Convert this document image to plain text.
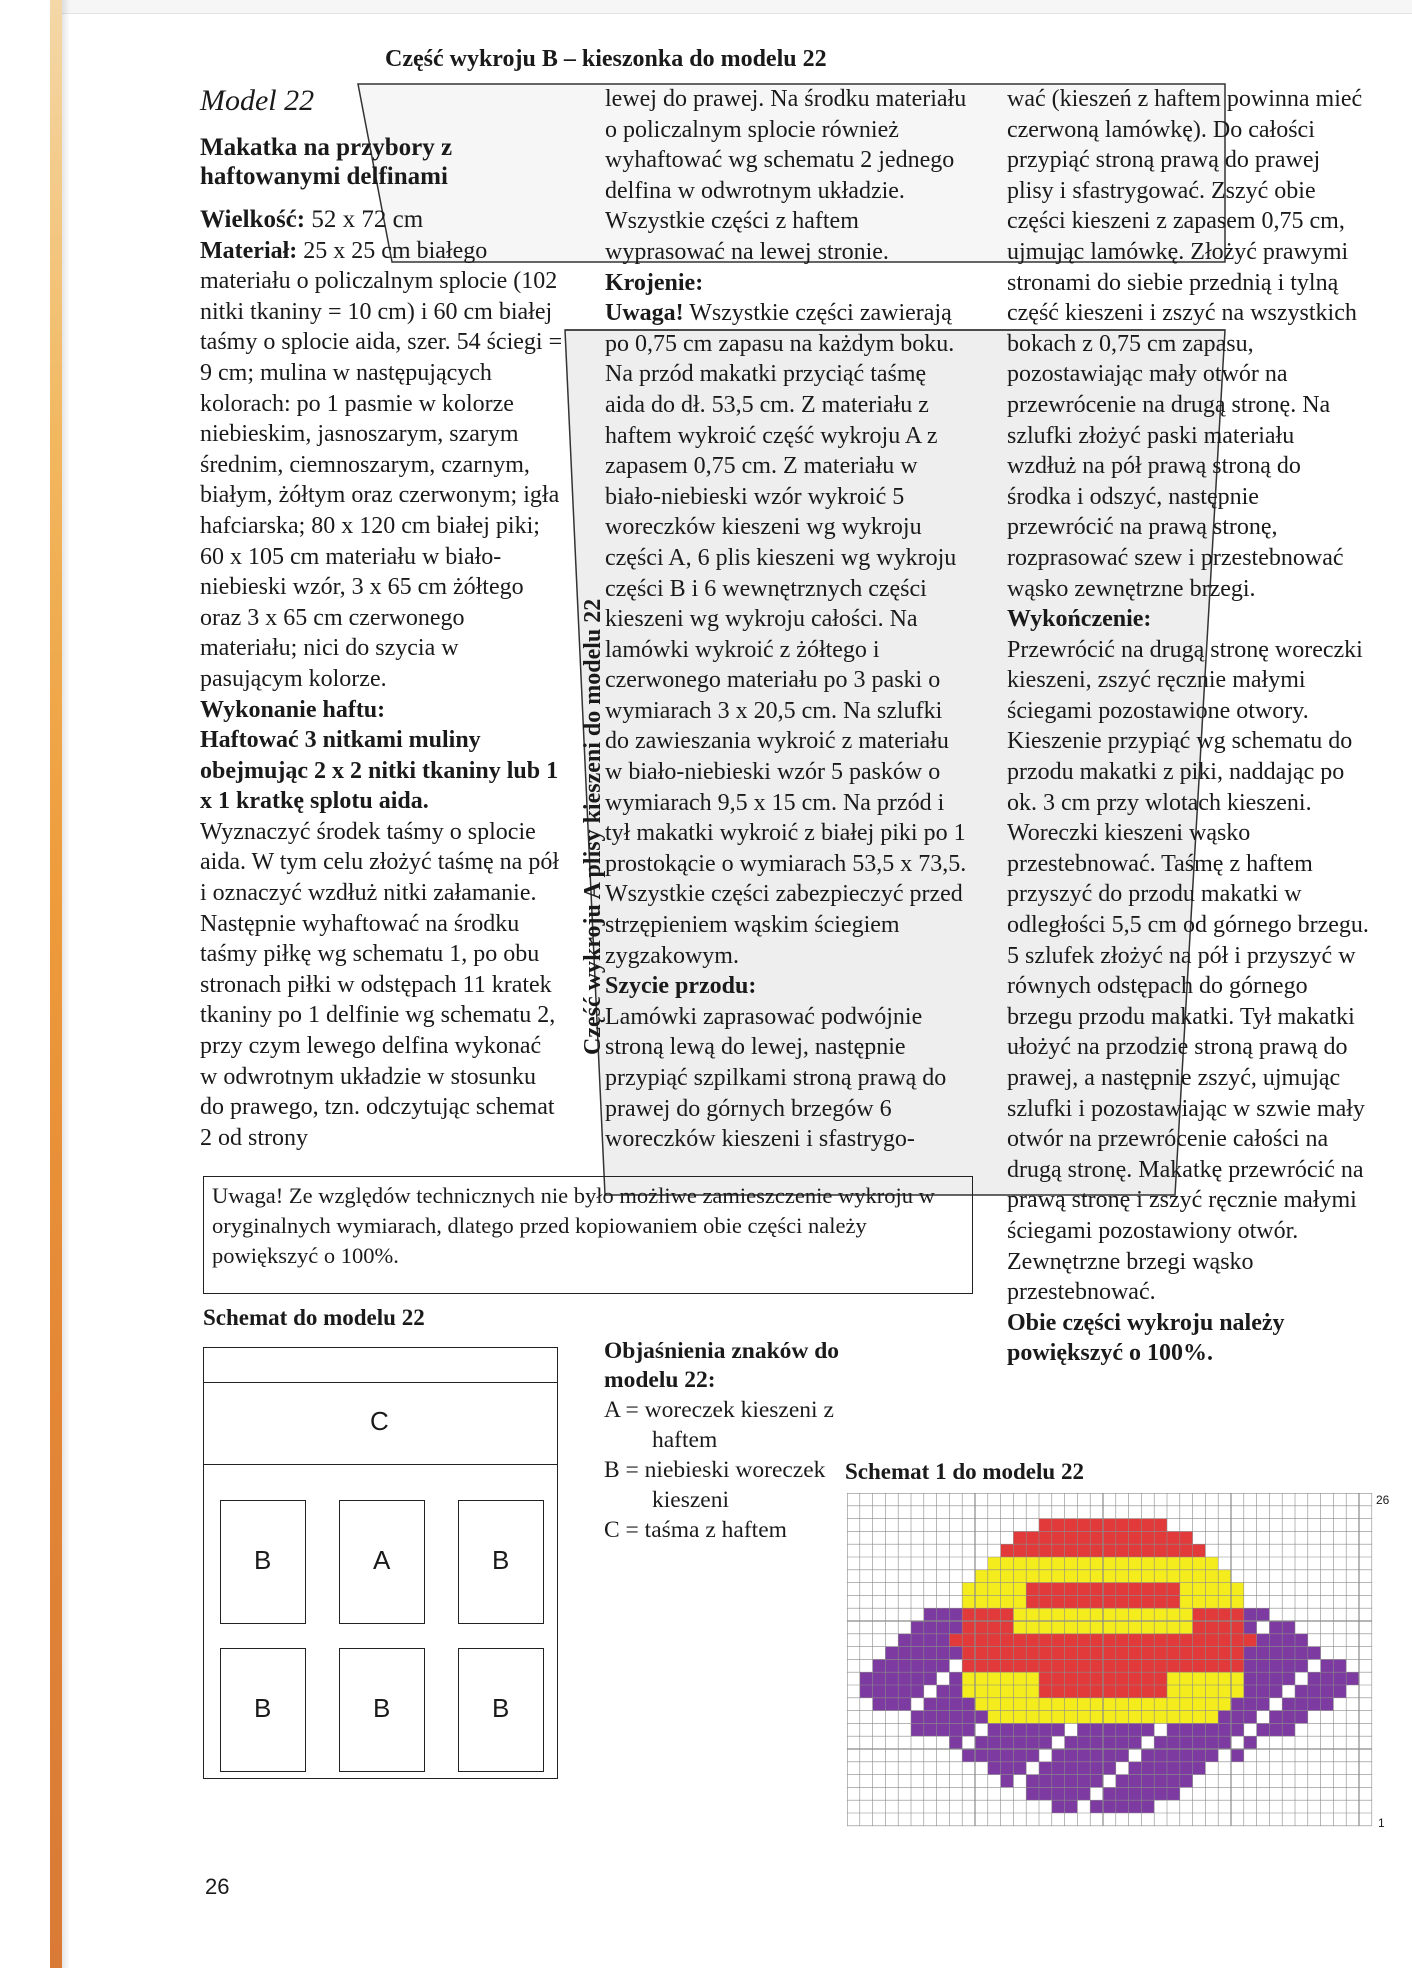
Część wykroju B – kieszonka do modelu 22
Model 22

Makatka na przybory z haftowanymi delfinami

Wielkość: 52 x 72 cm

Materiał: 25 x 25 cm białego materiału o policzalnym splocie (102 nitki tkaniny = 10 cm) i 60 cm białej taśmy o splocie aida, szer. 54 ściegi = 9 cm; mulina w następujących kolorach: po 1 pasmie w kolorze niebieskim, jasnoszarym, szarym średnim, ciemnoszarym, czarnym, białym, żółtym oraz czerwonym; igła hafciarska; 80 x 120 cm białej piki; 60 x 105 cm materiału w biało-niebieski wzór, 3 x 65 cm żółtego oraz 3 x 65 cm czerwonego materiału; nici do szycia w pasującym kolorze.

Wykonanie haftu:

Haftować 3 nitkami muliny obejmując 2 x 2 nitki tkaniny lub 1 x 1 kratkę splotu aida.

Wyznaczyć środek taśmy o splocie aida. W tym celu złożyć taśmę na pół i oznaczyć wzdłuż nitki załamanie. Następnie wyhaftować na środku taśmy piłkę wg schematu 1, po obu stronach piłki w odstępach 11 kratek tkaniny po 1 delfinie wg schematu 2, przy czym lewego delfina wykonać w odwrotnym układzie w stosunku do prawego, tzn. odczytując schemat 2 od strony

lewej do prawej. Na środku materiału o policzalnym splocie również wyhaftować wg schematu 2 jednego delfina w odwrotnym układzie. Wszystkie części z haftem wyprasować na lewej stronie.

Krojenie:

Uwaga! Wszystkie części zawierają po 0,75 cm zapasu na każdym boku. Na przód makatki przyciąć taśmę aida do dł. 53,5 cm. Z materiału z haftem wykroić część wykroju A z zapasem 0,75 cm. Z materiału w biało-niebieski wzór wykroić 5 woreczków kieszeni wg wykroju części A, 6 plis kieszeni wg wykroju części B i 6 wewnętrznych części kieszeni wg wykroju całości. Na lamówki wykroić z żółtego i czerwonego materiału po 3 paski o wymiarach 3 x 20,5 cm. Na szlufki do zawieszania wykroić z materiału w biało-niebieski wzór 5 pasków o wymiarach 9,5 x 15 cm. Na przód i tył makatki wykroić z białej piki po 1 prostokącie o wymiarach 53,5 x 73,5. Wszystkie części zabezpieczyć przed strzępieniem wąskim ściegiem zygzakowym.

Szycie przodu:

Lamówki zaprasować podwójnie stroną lewą do lewej, następnie przypiąć szpilkami stroną prawą do prawej do górnych brzegów 6 woreczków kieszeni i sfastrygo-

wać (kieszeń z haftem powinna mieć czerwoną lamówkę). Do całości przypiąć stroną prawą do prawej plisy i sfastrygować. Zszyć obie części kieszeni z zapasem 0,75 cm, ujmując lamówkę. Złożyć prawymi stronami do siebie przednią i tylną część kieszeni i zszyć na wszystkich bokach z 0,75 cm zapasu, pozostawiając mały otwór na przewrócenie na drugą stronę. Na szlufki złożyć paski materiału wzdłuż na pół prawą stroną do środka i odszyć, następnie przewrócić na prawą stronę, rozprasować szew i przestebnować wąsko zewnętrzne brzegi.

Wykończenie:

Przewrócić na drugą stronę woreczki kieszeni, zszyć ręcznie małymi ściegami pozostawione otwory. Kieszenie przypiąć wg schematu do przodu makatki z piki, naddając po ok. 3 cm przy wlotach kieszeni. Woreczki kieszeni wąsko przestebnować. Taśmę z haftem przyszyć do przodu makatki w odległości 5,5 cm od górnego brzegu. 5 szlufek złożyć na pół i przyszyć w równych odstępach do górnego brzegu przodu makatki. Tył makatki ułożyć na przodzie stroną prawą do prawej, a następnie zszyć, ujmując szlufki i pozostawiając w szwie mały otwór na przewrócenie całości na drugą stronę. Makatkę przewrócić na prawą stronę i zszyć ręcznie małymi ściegami pozostawiony otwór. Zewnętrzne brzegi wąsko przestebnować.

Obie części wykroju należy powiększyć o 100%.

Część wykroju A plisy kieszeni do modelu 22
Uwaga! Ze względów technicznych nie było możliwe zamieszczenie wykroju w oryginalnych wymiarach, dlatego przed kopiowaniem obie części należy powiększyć o 100%.
Schemat do modelu 22
C
B	A	B
B	B	B

Objaśnienia znaków do modelu 22:

A = woreczek kieszeni z haftem

B = niebieski woreczek kieszeni

C = taśma z haftem

Schemat 1 do modelu 22
26
1
26
